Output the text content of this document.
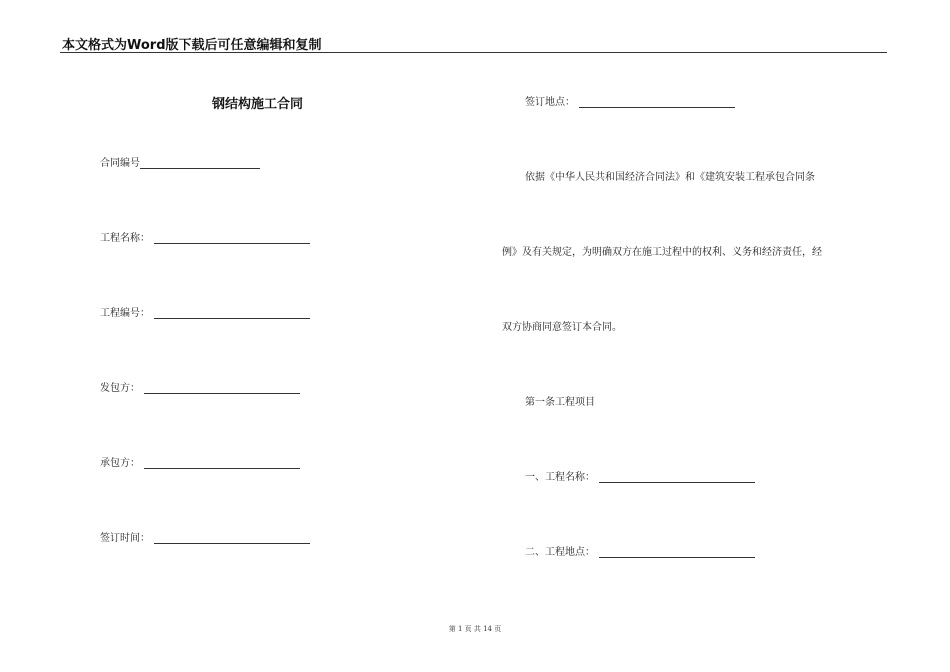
本文格式为Word版下载后可任意编辑和复制
钢结构施工合同
合同编号
工程名称：
工程编号：
发包方：
承包方：
签订时间：
签订地点：
依据《中华人民共和国经济合同法》和《建筑安装工程承包合同条
例》及有关规定，为明确双方在施工过程中的权利、义务和经济责任，经
双方协商同意签订本合同。
第一条工程项目
一、工程名称：
二、工程地点：
第 1 页 共 14 页
